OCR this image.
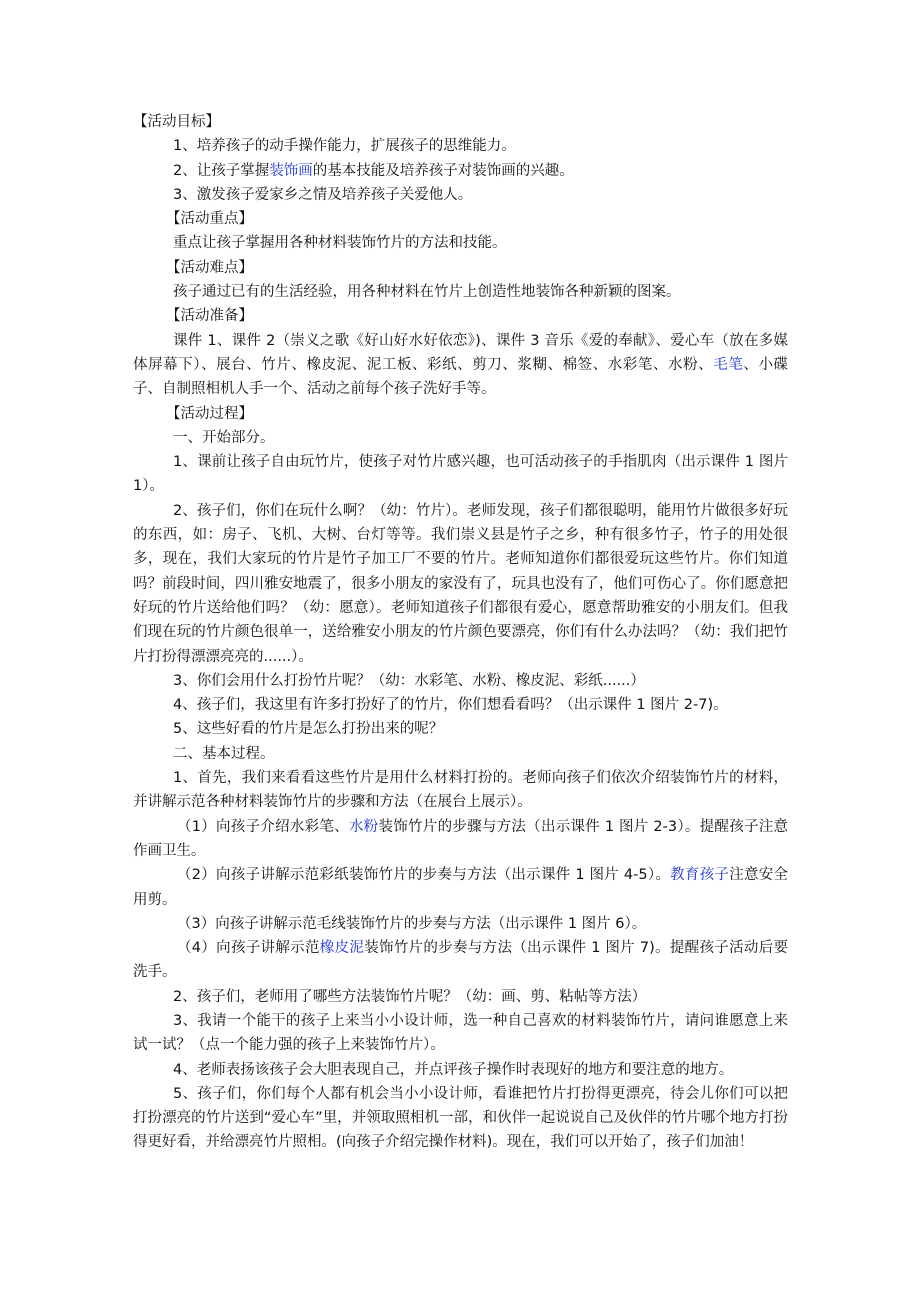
【活动目标】

1、培养孩子的动手操作能力，扩展孩子的思维能力。

2、让孩子掌握装饰画的基本技能及培养孩子对装饰画的兴趣。

3、激发孩子爱家乡之情及培养孩子关爱他人。

【活动重点】

重点让孩子掌握用各种材料装饰竹片的方法和技能。

【活动难点】

孩子通过已有的生活经验，用各种材料在竹片上创造性地装饰各种新颖的图案。

【活动准备】

课件 1、课件 2（崇义之歌《好山好水好依恋》)、课件 3 音乐《爱的奉献》、爱心车（放在多媒体屏幕下）、展台、竹片、橡皮泥、泥工板、彩纸、剪刀、浆糊、棉签、水彩笔、水粉、毛笔、小碟子、自制照相机人手一个、活动之前每个孩子洗好手等。

【活动过程】

一、开始部分。

1、课前让孩子自由玩竹片，使孩子对竹片感兴趣，也可活动孩子的手指肌肉（出示课件 1 图片 1）。

2、孩子们，你们在玩什么啊？（幼：竹片）。老师发现，孩子们都很聪明，能用竹片做很多好玩的东西，如：房子、飞机、大树、台灯等等。我们崇义县是竹子之乡，种有很多竹子，竹子的用处很多，现在，我们大家玩的竹片是竹子加工厂不要的竹片。老师知道你们都很爱玩这些竹片。你们知道吗？前段时间，四川雅安地震了，很多小朋友的家没有了，玩具也没有了，他们可伤心了。你们愿意把好玩的竹片送给他们吗？（幼：愿意）。老师知道孩子们都很有爱心，愿意帮助雅安的小朋友们。但我们现在玩的竹片颜色很单一，送给雅安小朋友的竹片颜色要漂亮，你们有什么办法吗？（幼：我们把竹片打扮得漂漂亮亮的......）。

3、你们会用什么打扮竹片呢？（幼：水彩笔、水粉、橡皮泥、彩纸......）

4、孩子们，我这里有许多打扮好了的竹片，你们想看看吗？（出示课件 1 图片 2-7)。

5、这些好看的竹片是怎么打扮出来的呢？

二、基本过程。

1、首先，我们来看看这些竹片是用什么材料打扮的。老师向孩子们依次介绍装饰竹片的材料，并讲解示范各种材料装饰竹片的步骤和方法（在展台上展示）。

（1）向孩子介绍水彩笔、水粉装饰竹片的步骤与方法（出示课件 1 图片 2-3）。提醒孩子注意作画卫生。

（2）向孩子讲解示范彩纸装饰竹片的步奏与方法（出示课件 1 图片 4-5）。教育孩子注意安全用剪。

（3）向孩子讲解示范毛线装饰竹片的步奏与方法（出示课件 1 图片 6）。

（4）向孩子讲解示范橡皮泥装饰竹片的步奏与方法（出示课件 1 图片 7)。提醒孩子活动后要洗手。

2、孩子们，老师用了哪些方法装饰竹片呢？（幼：画、剪、粘帖等方法）

3、我请一个能干的孩子上来当小小设计师，选一种自己喜欢的材料装饰竹片，请问谁愿意上来试一试？（点一个能力强的孩子上来装饰竹片）。

4、老师表扬该孩子会大胆表现自己，并点评孩子操作时表现好的地方和要注意的地方。

5、孩子们，你们每个人都有机会当小小设计师，看谁把竹片打扮得更漂亮，待会儿你们可以把打扮漂亮的竹片送到“爱心车”里，并领取照相机一部，和伙伴一起说说自己及伙伴的竹片哪个地方打扮得更好看，并给漂亮竹片照相。(向孩子介绍完操作材料)。现在，我们可以开始了，孩子们加油！
